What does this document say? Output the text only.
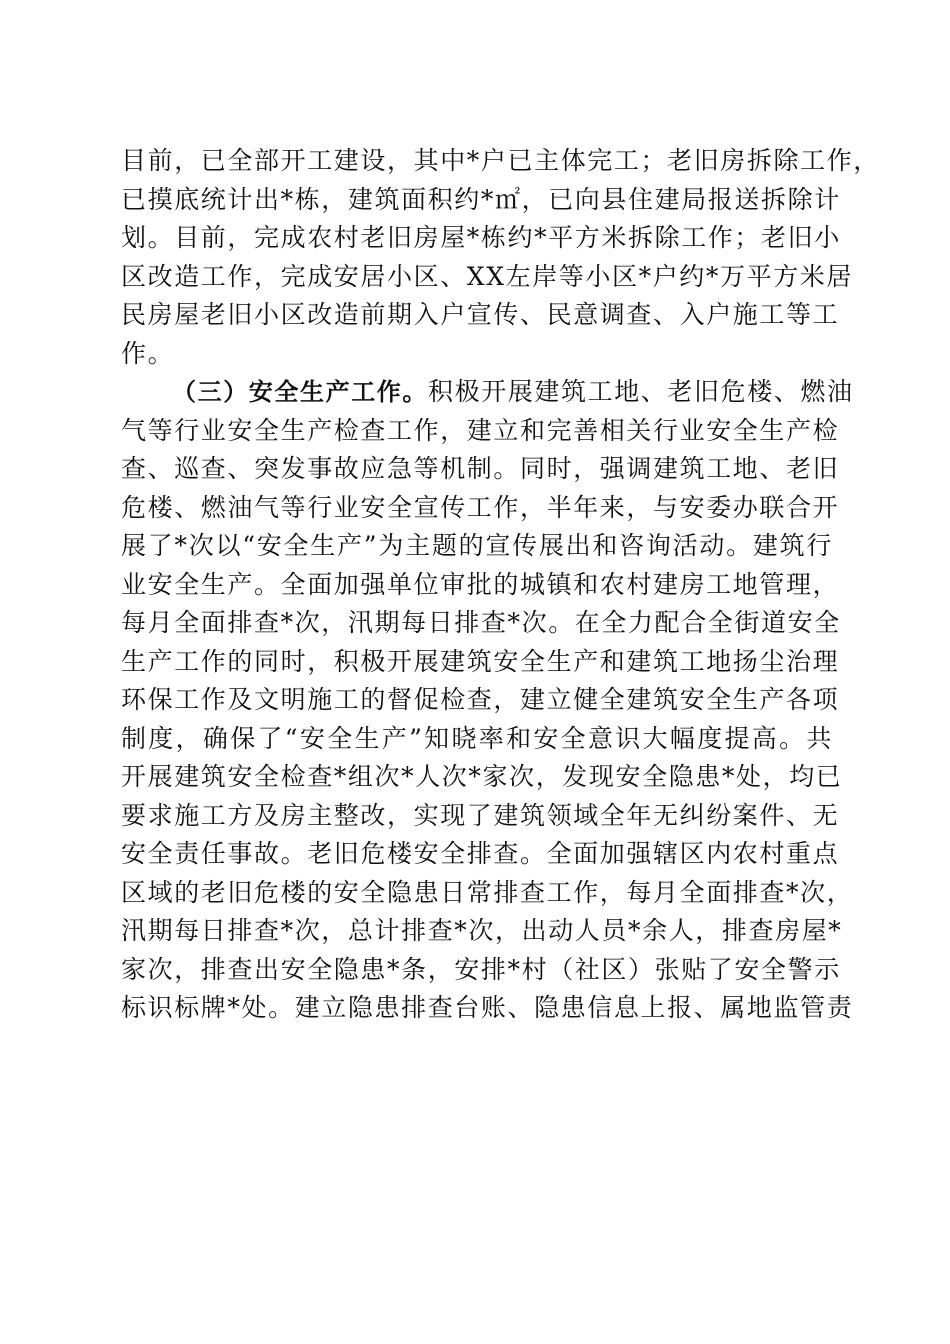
目前，已全部开工建设，其中*户已主体完工；老旧房拆除工作，
已摸底统计出*栋，建筑面积约*㎡，已向县住建局报送拆除计
划。目前，完成农村老旧房屋*栋约*平方米拆除工作；老旧小
区改造工作，完成安居小区、XX左岸等小区*户约*万平方米居
民房屋老旧小区改造前期入户宣传、民意调查、入户施工等工
作。
（三）安全生产工作。积极开展建筑工地、老旧危楼、燃油
气等行业安全生产检查工作，建立和完善相关行业安全生产检
查、巡查、突发事故应急等机制。同时，强调建筑工地、老旧
危楼、燃油气等行业安全宣传工作，半年来，与安委办联合开
展了*次以“安全生产”为主题的宣传展出和咨询活动。建筑行
业安全生产。全面加强单位审批的城镇和农村建房工地管理，
每月全面排查*次，汛期每日排查*次。在全力配合全街道安全
生产工作的同时，积极开展建筑安全生产和建筑工地扬尘治理
环保工作及文明施工的督促检查，建立健全建筑安全生产各项
制度，确保了“安全生产”知晓率和安全意识大幅度提高。共
开展建筑安全检查*组次*人次*家次，发现安全隐患*处，均已
要求施工方及房主整改，实现了建筑领域全年无纠纷案件、无
安全责任事故。老旧危楼安全排查。全面加强辖区内农村重点
区域的老旧危楼的安全隐患日常排查工作，每月全面排查*次，
汛期每日排查*次，总计排查*次，出动人员*余人，排查房屋*
家次，排查出安全隐患*条，安排*村（社区）张贴了安全警示
标识标牌*处。建立隐患排查台账、隐患信息上报、属地监管责
